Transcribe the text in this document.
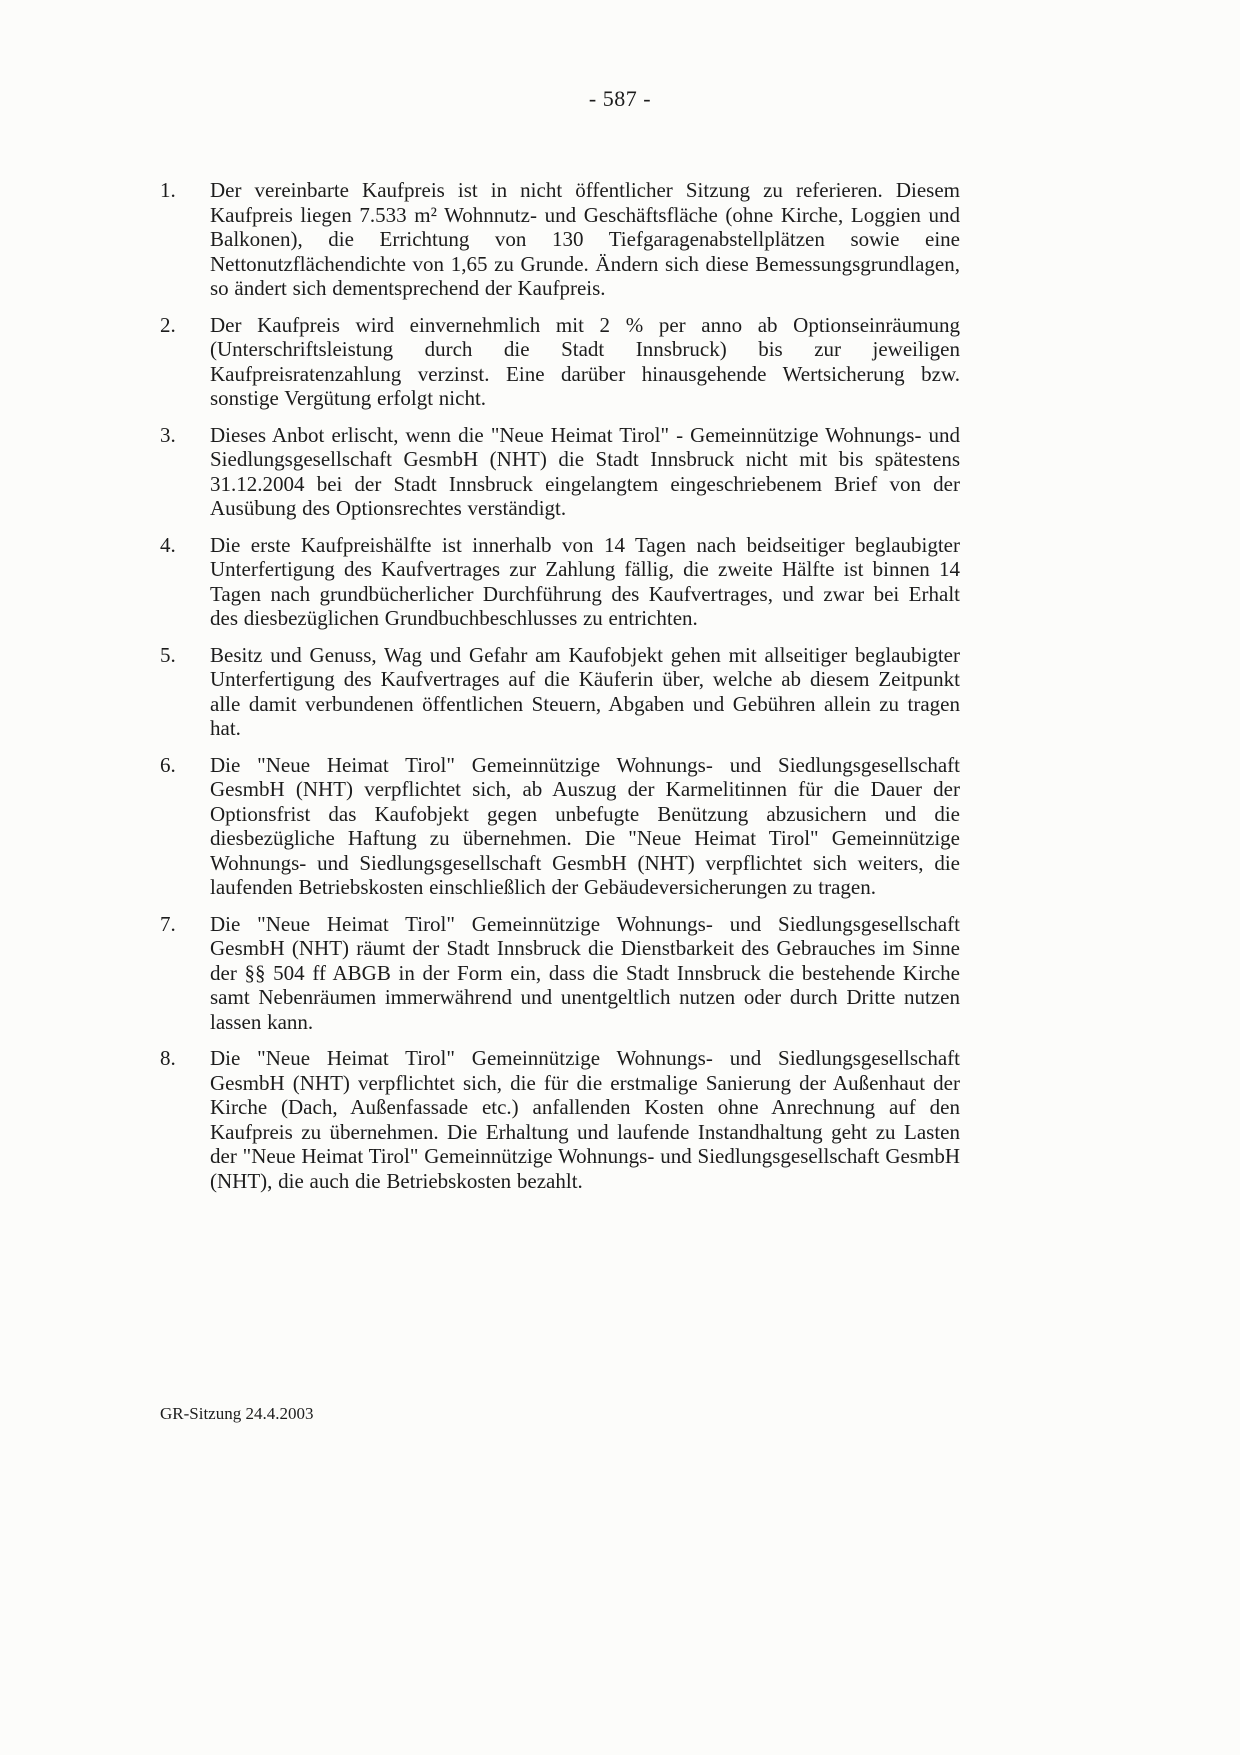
- 587 -
1.	Der vereinbarte Kaufpreis ist in nicht öffentlicher Sitzung zu referieren. Diesem Kaufpreis liegen 7.533 m² Wohnnutz- und Geschäftsfläche (ohne Kirche, Loggien und Balkonen), die Errichtung von 130 Tiefgaragenabstellplätzen sowie eine Nettonutzflächendichte von 1,65 zu Grunde. Ändern sich diese Bemessungsgrundlagen, so ändert sich dementsprechend der Kaufpreis.

2.	Der Kaufpreis wird einvernehmlich mit 2 % per anno ab Optionseinräumung (Unterschriftsleistung durch die Stadt Innsbruck) bis zur jeweiligen Kaufpreisratenzahlung verzinst. Eine darüber hinausgehende Wertsicherung bzw. sonstige Vergütung erfolgt nicht.

3.	Dieses Anbot erlischt, wenn die "Neue Heimat Tirol" - Gemeinnützige Wohnungs- und Siedlungsgesellschaft GesmbH (NHT) die Stadt Innsbruck nicht mit bis spätestens 31.12.2004 bei der Stadt Innsbruck eingelangtem eingeschriebenem Brief von der Ausübung des Optionsrechtes verständigt.

4.	Die erste Kaufpreishälfte ist innerhalb von 14 Tagen nach beidseitiger beglaubigter Unterfertigung des Kaufvertrages zur Zahlung fällig, die zweite Hälfte ist binnen 14 Tagen nach grundbücherlicher Durchführung des Kaufvertrages, und zwar bei Erhalt des diesbezüglichen Grundbuchbeschlusses zu entrichten.

5.	Besitz und Genuss, Wag und Gefahr am Kaufobjekt gehen mit allseitiger beglaubigter Unterfertigung des Kaufvertrages auf die Käuferin über, welche ab diesem Zeitpunkt alle damit verbundenen öffentlichen Steuern, Abgaben und Gebühren allein zu tragen hat.

6.	Die "Neue Heimat Tirol" Gemeinnützige Wohnungs- und Siedlungsgesellschaft GesmbH (NHT) verpflichtet sich, ab Auszug der Karmelitinnen für die Dauer der Optionsfrist das Kaufobjekt gegen unbefugte Benützung abzusichern und die diesbezügliche Haftung zu übernehmen. Die "Neue Heimat Tirol" Gemeinnützige Wohnungs- und Siedlungsgesellschaft GesmbH (NHT) verpflichtet sich weiters, die laufenden Betriebskosten einschließlich der Gebäudeversicherungen zu tragen.

7.	Die "Neue Heimat Tirol" Gemeinnützige Wohnungs- und Siedlungsgesellschaft GesmbH (NHT) räumt der Stadt Innsbruck die Dienstbarkeit des Gebrauches im Sinne der §§ 504 ff ABGB in der Form ein, dass die Stadt Innsbruck die bestehende Kirche samt Nebenräumen immerwährend und unentgeltlich nutzen oder durch Dritte nutzen lassen kann.

8.	Die "Neue Heimat Tirol" Gemeinnützige Wohnungs- und Siedlungsgesellschaft GesmbH (NHT) verpflichtet sich, die für die erstmalige Sanierung der Außenhaut der Kirche (Dach, Außenfassade etc.) anfallenden Kosten ohne Anrechnung auf den Kaufpreis zu übernehmen. Die Erhaltung und laufende Instandhaltung geht zu Lasten der "Neue Heimat Tirol" Gemeinnützige Wohnungs- und Siedlungsgesellschaft GesmbH (NHT), die auch die Betriebskosten bezahlt.

GR-Sitzung 24.4.2003
